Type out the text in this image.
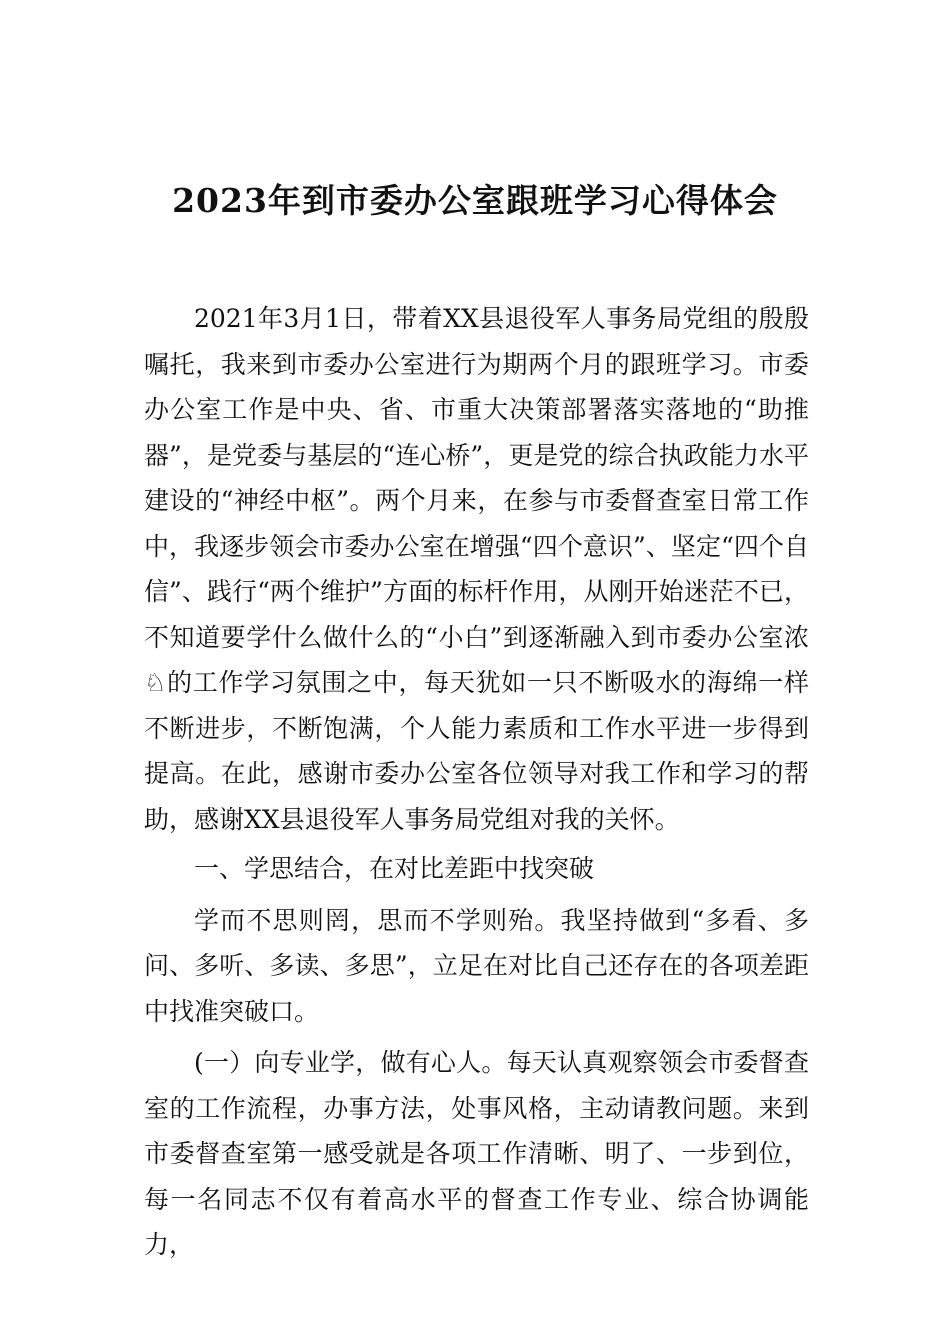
2023年到市委办公室跟班学习心得体会

2021年3月1日，带着XX县退役军人事务局党组的殷殷嘱托，我来到市委办公室进行为期两个月的跟班学习。市委办公室工作是中央、省、市重大决策部署落实落地的“助推器”，是党委与基层的“连心桥”，更是党的综合执政能力水平建设的“神经中枢”。两个月来，在参与市委督查室日常工作中，我逐步领会市委办公室在增强“四个意识”、坚定“四个自信”、践行“两个维护”方面的标杆作用，从刚开始迷茫不已，不知道要学什么做什么的“小白”到逐渐融入到市委办公室浓♘的工作学习氛围之中，每天犹如一只不断吸水的海绵一样不断进步，不断饱满，个人能力素质和工作水平进一步得到提高。在此，感谢市委办公室各位领导对我工作和学习的帮助，感谢XX县退役军人事务局党组对我的关怀。

一、学思结合，在对比差距中找突破

学而不思则罔，思而不学则殆。我坚持做到“多看、多问、多听、多读、多思”，立足在对比自己还存在的各项差距中找准突破口。

(一）向专业学，做有心人。每天认真观察领会市委督查室的工作流程，办事方法，处事风格，主动请教问题。来到市委督查室第一感受就是各项工作清晰、明了、一步到位， 每一名同志不仅有着高水平的督查工作专业、综合协调能力，
